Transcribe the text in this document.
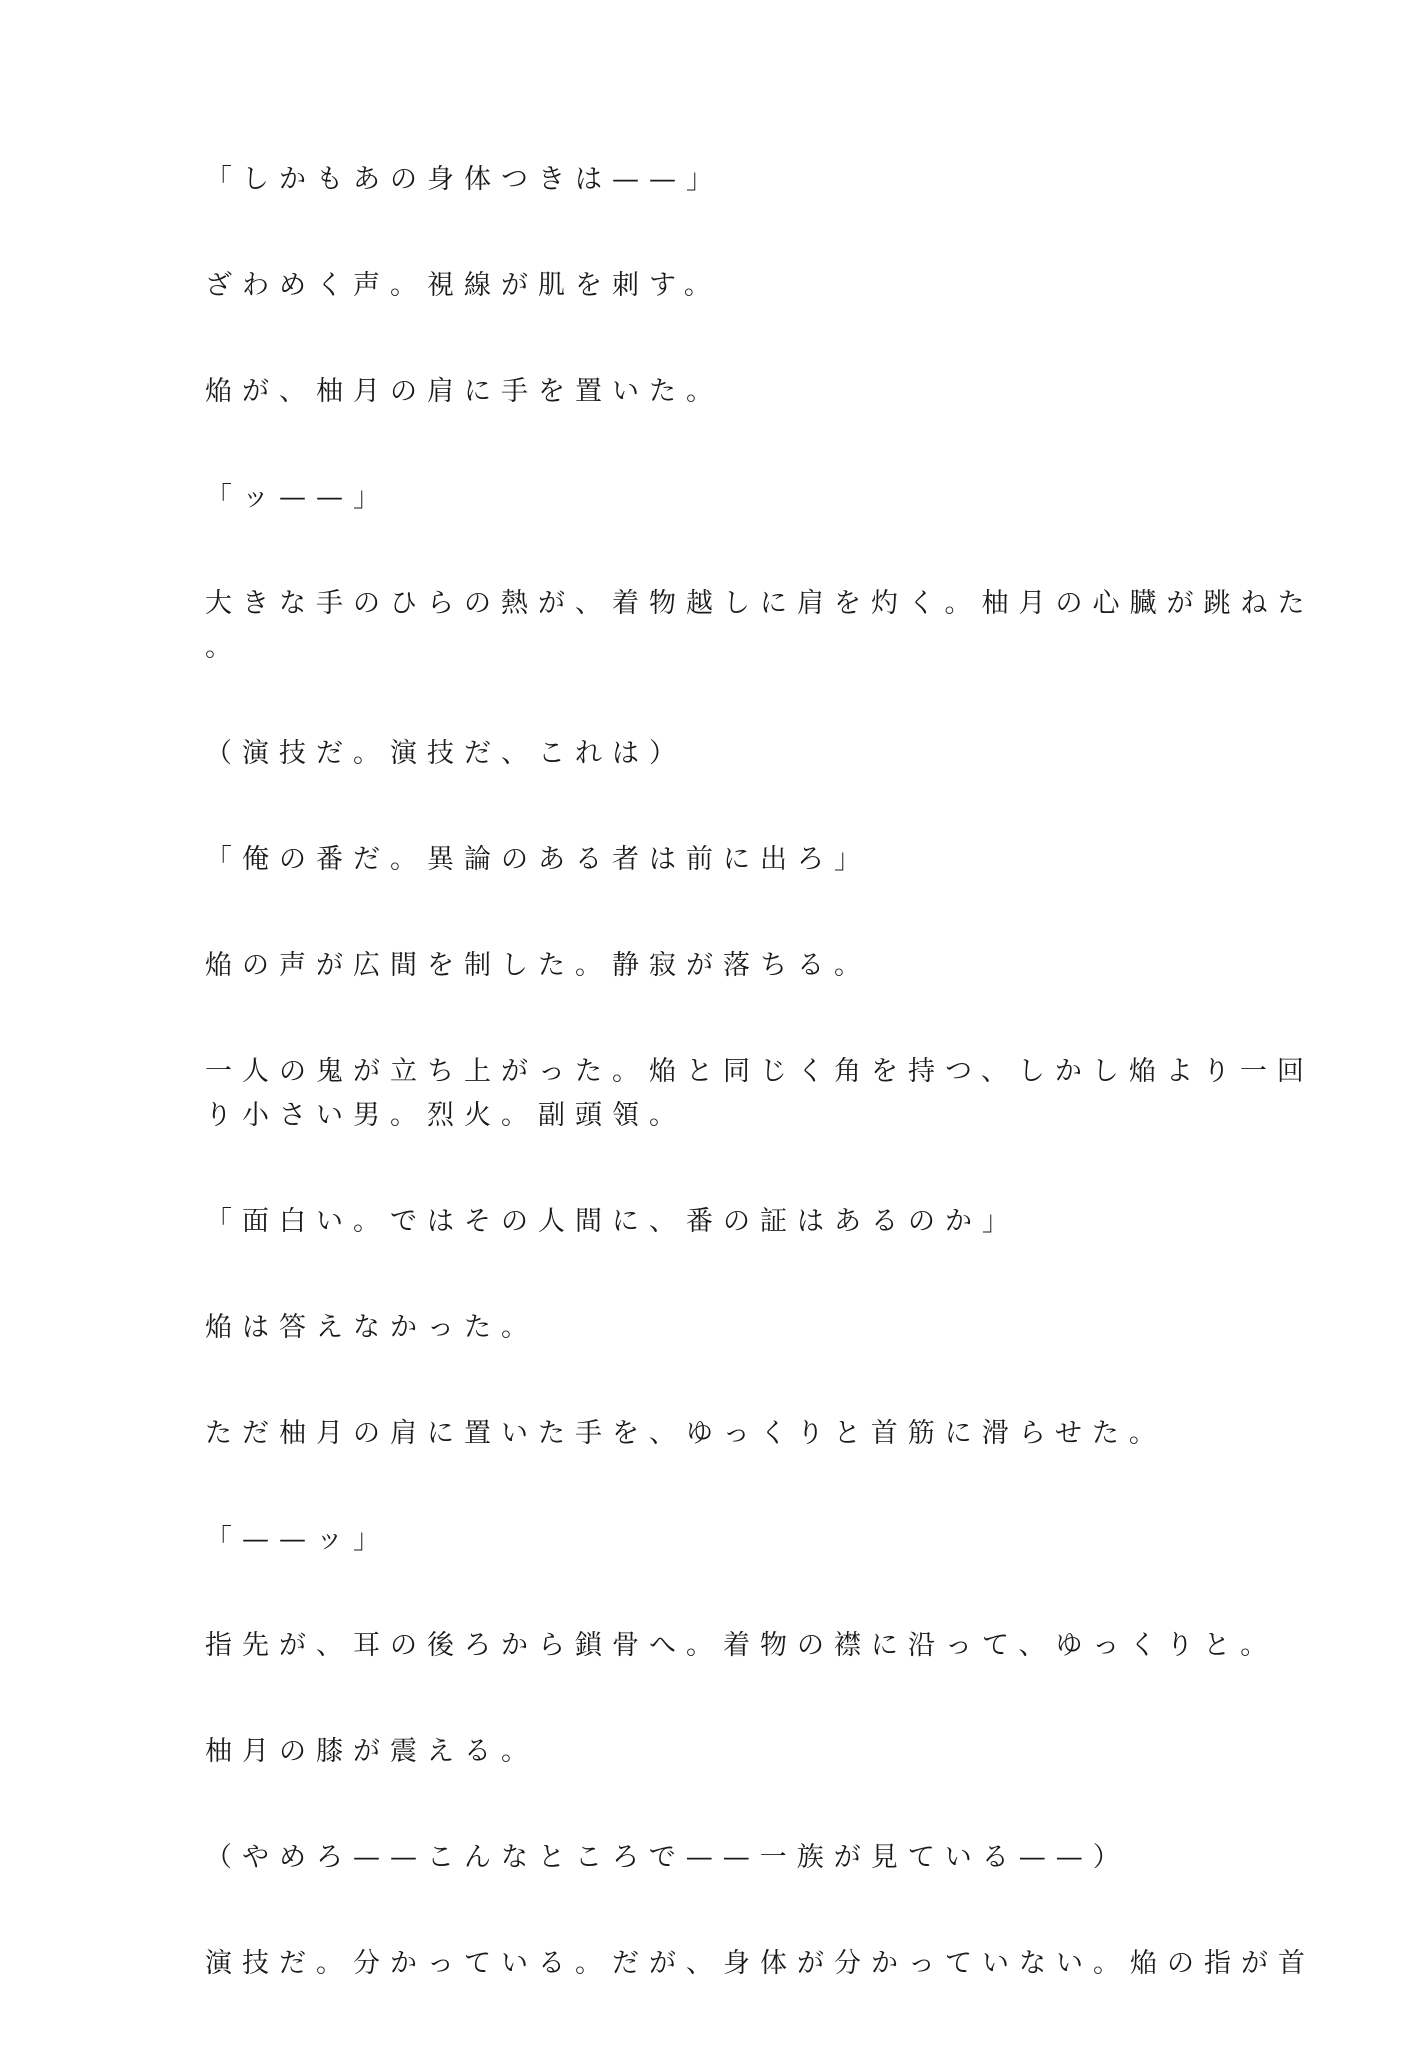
「しかもあの身体つきは——」

ざわめく声。視線が肌を刺す。

焔が、柚月の肩に手を置いた。

「ッ——」

大きな手のひらの熱が、着物越しに肩を灼く。柚月の心臓が跳ねた
。

（演技だ。演技だ、これは）

「俺の番だ。異論のある者は前に出ろ」

焔の声が広間を制した。静寂が落ちる。

一人の鬼が立ち上がった。焔と同じく角を持つ、しかし焔より一回
り小さい男。烈火。副頭領。

「面白い。ではその人間に、番の証はあるのか」

焔は答えなかった。

ただ柚月の肩に置いた手を、ゆっくりと首筋に滑らせた。

「——ッ」

指先が、耳の後ろから鎖骨へ。着物の襟に沿って、ゆっくりと。

柚月の膝が震える。

（やめろ——こんなところで——一族が見ている——）

演技だ。分かっている。だが、身体が分かっていない。焔の指が首
